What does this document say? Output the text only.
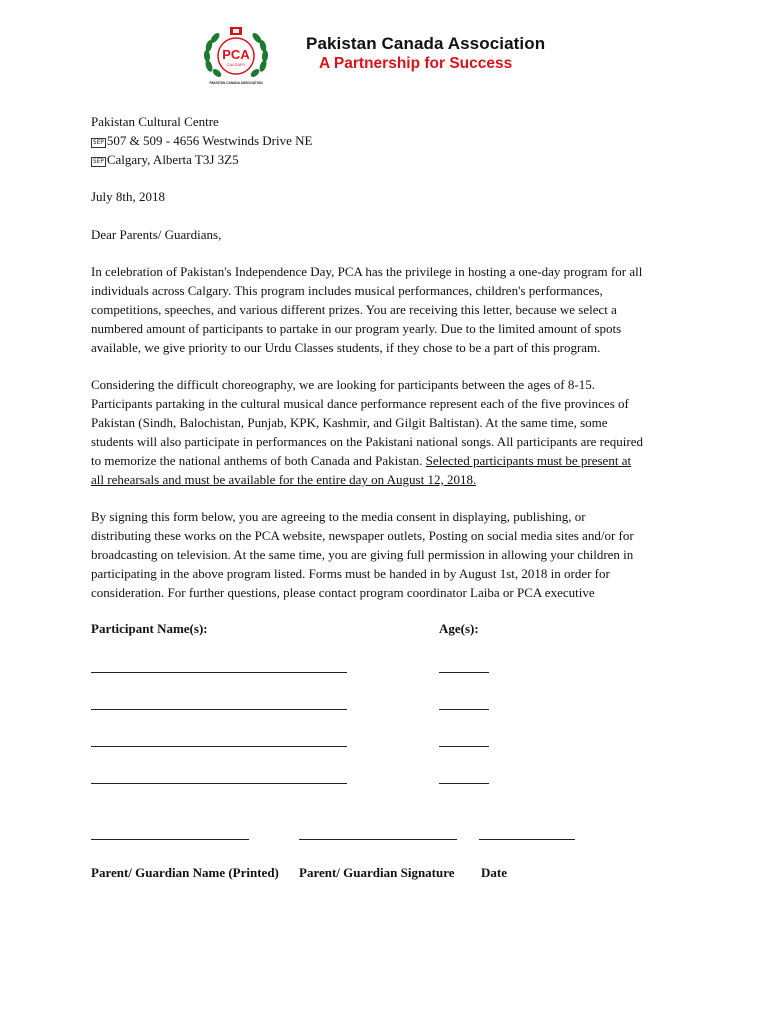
PCA
CALGARY
PAKISTAN CANADA ASSOCIATION
Pakistan Canada Association
A Partnership for Success
Pakistan Cultural Centre
SEP 507 & 509 - 4656 Westwinds Drive NE
SEP Calgary, Alberta T3J 3Z5
July 8th, 2018
Dear Parents/ Guardians,
In celebration of Pakistan's Independence Day, PCA has the privilege in hosting a one-day program for all
individuals across Calgary. This program includes musical performances, children's performances,
competitions, speeches, and various different prizes. You are receiving this letter, because we select a
numbered amount of participants to partake in our program yearly. Due to the limited amount of spots
available, we give priority to our Urdu Classes students, if they chose to be a part of this program.
Considering the difficult choreography, we are looking for participants between the ages of 8-15.
Participants partaking in the cultural musical dance performance represent each of the five provinces of
Pakistan (Sindh, Balochistan, Punjab, KPK, Kashmir, and Gilgit Baltistan). At the same time, some
students will also participate in performances on the Pakistani national songs. All participants are required
to memorize the national anthems of both Canada and Pakistan. Selected participants must be present at
all rehearsals and must be available for the entire day on August 12, 2018.
By signing this form below, you are agreeing to the media consent in displaying, publishing, or
distributing these works on the PCA website, newspaper outlets, Posting on social media sites and/or for
broadcasting on television. At the same time, you are giving full permission in allowing your children in
participating in the above program listed. Forms must be handed in by August 1st, 2018 in order for
consideration. For further questions, please contact program coordinator Laiba or PCA executive
Participant Name(s):	Age(s):
Parent/ Guardian Name (Printed) Parent/ Guardian Signature Date
